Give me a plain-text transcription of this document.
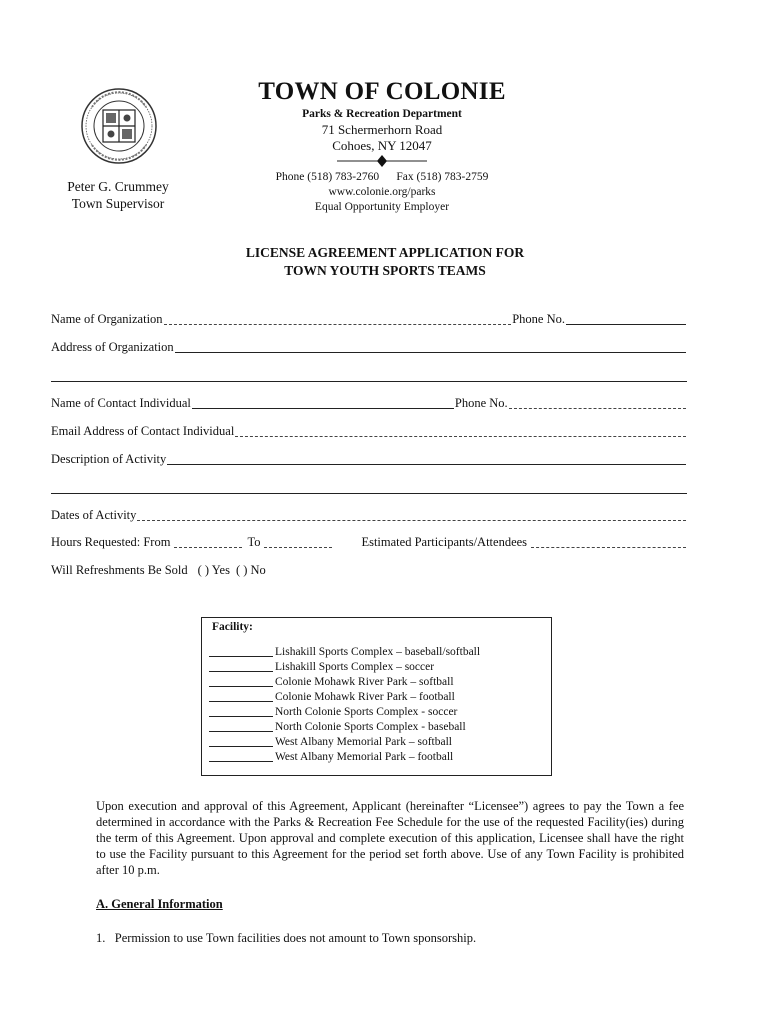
Peter G. Crummey
Town Supervisor
TOWN OF COLONIE
Parks & Recreation Department
71 Schermerhorn Road
Cohoes, NY 12047
Phone (518) 783-2760 Fax (518) 783-2759
www.colonie.org/parks
Equal Opportunity Employer
LICENSE AGREEMENT APPLICATION FOR
TOWN YOUTH SPORTS TEAMS
Name of Organization	Phone No.
Address of Organization
Name of Contact Individual	Phone No.
Email Address of Contact Individual
Description of Activity
Dates of Activity
Hours Requested: From	To	Estimated Participants/Attendees
Will Refreshments Be Sold ( ) Yes ( ) No
Facility:
Lishakill Sports Complex – baseball/softball
Lishakill Sports Complex – soccer
Colonie Mohawk River Park – softball
Colonie Mohawk River Park – football
North Colonie Sports Complex - soccer
North Colonie Sports Complex - baseball
West Albany Memorial Park – softball
West Albany Memorial Park – football
Upon execution and approval of this Agreement, Applicant (hereinafter “Licensee”) agrees to pay the Town a fee determined in accordance with the Parks & Recreation Fee Schedule for the use of the requested Facility(ies) during the term of this Agreement. Upon approval and complete execution of this application, Licensee shall have the right to use the Facility pursuant to this Agreement for the period set forth above. Use of any Town Facility is prohibited after 10 p.m.
A. General Information
1.   Permission to use Town facilities does not amount to Town sponsorship.
